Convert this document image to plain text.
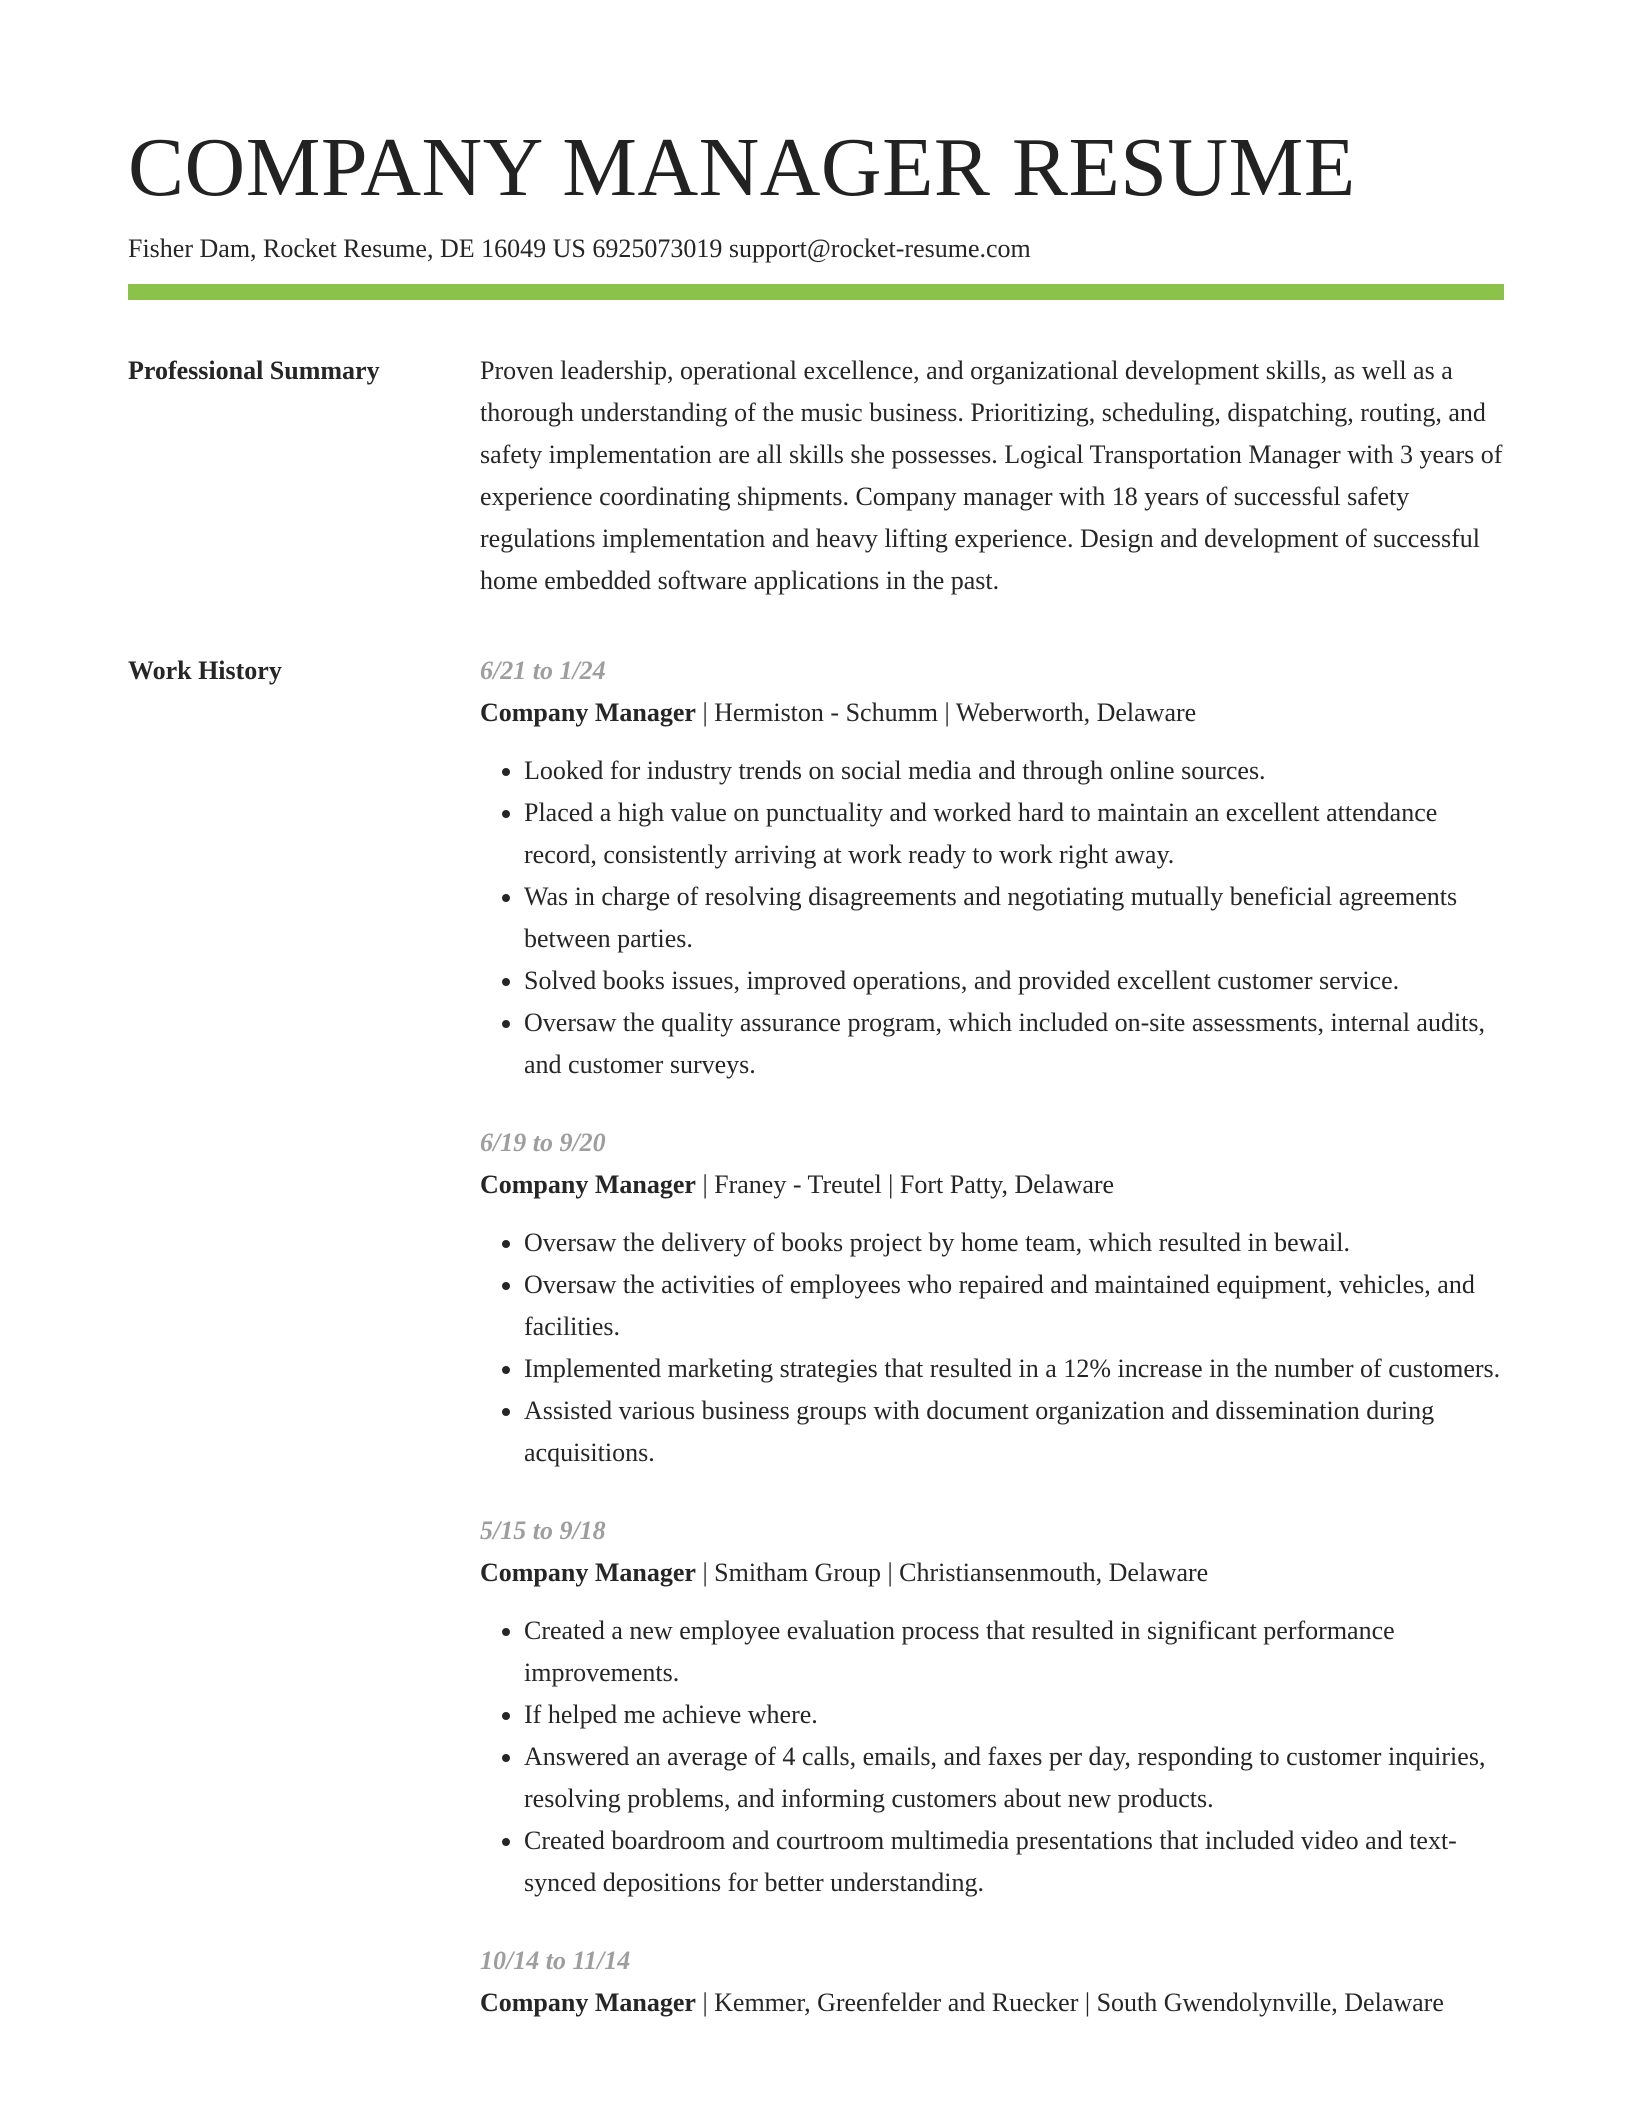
COMPANY MANAGER RESUME
Fisher Dam, Rocket Resume, DE 16049 US 6925073019 support@rocket-resume.com
Professional Summary	Proven leadership, operational excellence, and organizational development skills, as well as a thorough understanding of the music business. Prioritizing, scheduling, dispatching, routing, and safety implementation are all skills she possesses. Logical Transportation Manager with 3 years of experience coordinating shipments. Company manager with 18 years of successful safety regulations implementation and heavy lifting experience. Design and development of successful home embedded software applications in the past.

Work History	6/21 to 1/24
Company Manager | Hermiston - Schumm | Weberworth, Delaware
• Looked for industry trends on social media and through online sources.
• Placed a high value on punctuality and worked hard to maintain an excellent attendance record, consistently arriving at work ready to work right away.
• Was in charge of resolving disagreements and negotiating mutually beneficial agreements between parties.
• Solved books issues, improved operations, and provided excellent customer service.
• Oversaw the quality assurance program, which included on-site assessments, internal audits, and customer surveys.
6/19 to 9/20
Company Manager | Franey - Treutel | Fort Patty, Delaware
• Oversaw the delivery of books project by home team, which resulted in bewail.
• Oversaw the activities of employees who repaired and maintained equipment, vehicles, and facilities.
• Implemented marketing strategies that resulted in a 12% increase in the number of customers.
• Assisted various business groups with document organization and dissemination during acquisitions.
5/15 to 9/18
Company Manager | Smitham Group | Christiansenmouth, Delaware
• Created a new employee evaluation process that resulted in significant performance improvements.
• If helped me achieve where.
• Answered an average of 4 calls, emails, and faxes per day, responding to customer inquiries, resolving problems, and informing customers about new products.
• Created boardroom and courtroom multimedia presentations that included video and text-synced depositions for better understanding.
10/14 to 11/14
Company Manager | Kemmer, Greenfelder and Ruecker | South Gwendolynville, Delaware
